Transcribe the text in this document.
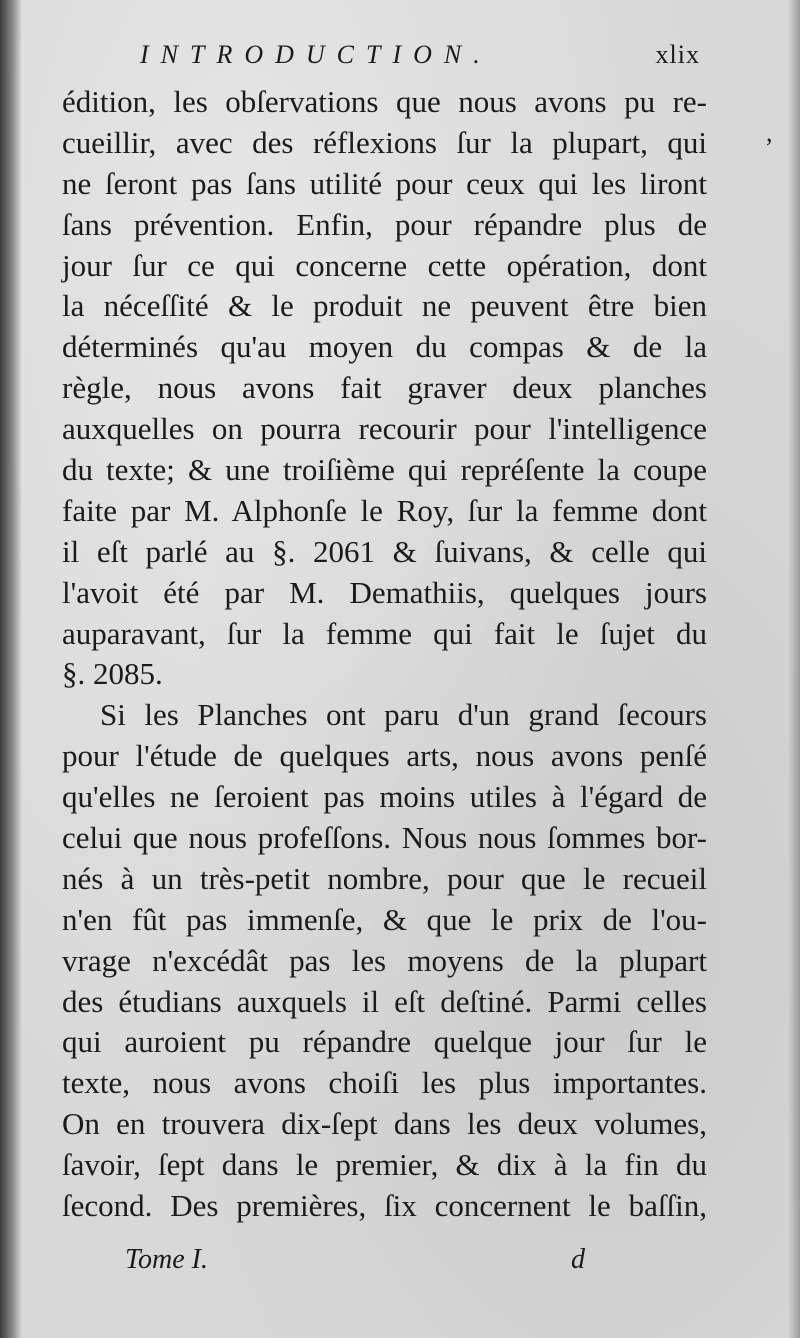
INTRODUCTION.	xlix
édition, les obſervations que nous avons pu re-
cueillir, avec des réflexions ſur la plupart, qui
ne ſeront pas ſans utilité pour ceux qui les liront
ſans prévention. Enfin, pour répandre plus de
jour ſur ce qui concerne cette opération, dont
la néceſſité & le produit ne peuvent être bien
déterminés qu'au moyen du compas & de la
règle, nous avons fait graver deux planches
auxquelles on pourra recourir pour l'intelligence
du texte; & une troiſième qui repréſente la coupe
faite par M. Alphonſe le Roy, ſur la femme dont
il eſt parlé au §. 2061 & ſuivans, & celle qui
l'avoit été par M. Demathiis, quelques jours
auparavant, ſur la femme qui fait le ſujet du
§. 2085.
Si les Planches ont paru d'un grand ſecours
pour l'étude de quelques arts, nous avons penſé
qu'elles ne ſeroient pas moins utiles à l'égard de
celui que nous profeſſons. Nous nous ſommes bor-
nés à un très-petit nombre, pour que le recueil
n'en fût pas immenſe, & que le prix de l'ou-
vrage n'excédât pas les moyens de la plupart
des étudians auxquels il eſt deſtiné. Parmi celles
qui auroient pu répandre quelque jour ſur le
texte, nous avons choiſi les plus importantes.
On en trouvera dix-ſept dans les deux volumes,
ſavoir, ſept dans le premier, & dix à la fin du
ſecond. Des premières, ſix concernent le baſſin,
Tome I.	d
,
